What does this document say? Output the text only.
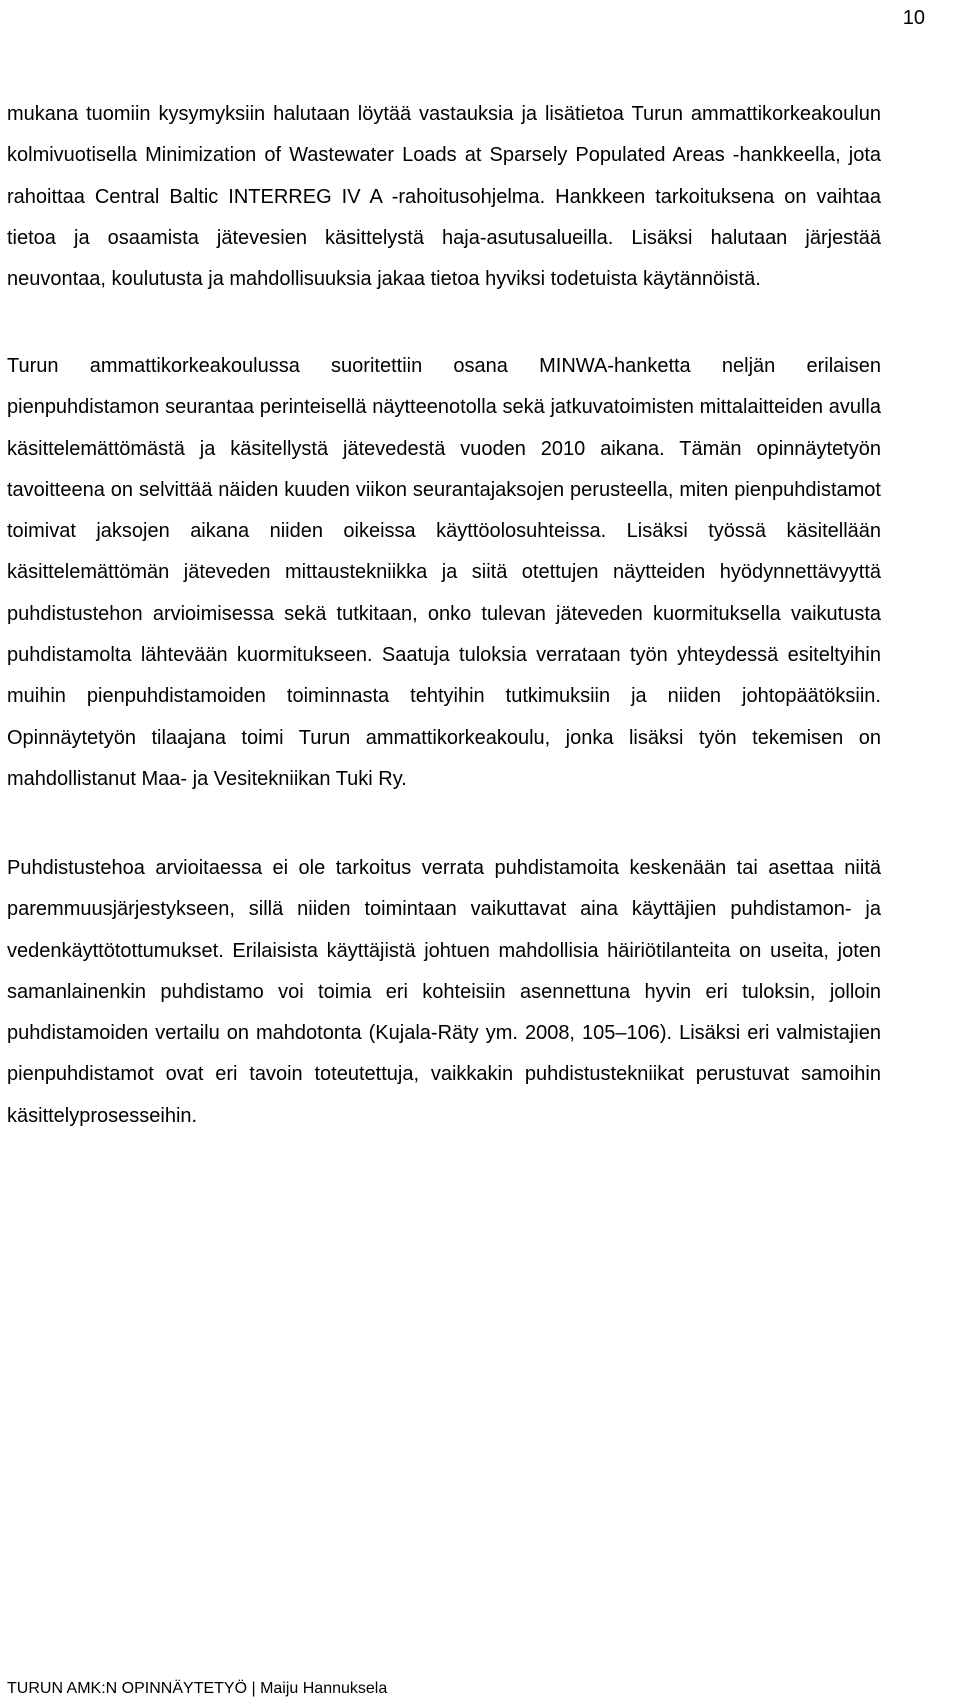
10

mukana tuomiin kysymyksiin halutaan löytää vastauksia ja lisätietoa Turun ammattikorkeakoulun kolmivuotisella Minimization of Wastewater Loads at Sparsely Populated Areas -hankkeella, jota rahoittaa Central Baltic INTERREG IV A -rahoitusohjelma. Hankkeen tarkoituksena on vaihtaa tietoa ja osaamista jätevesien käsittelystä haja-asutusalueilla. Lisäksi halutaan järjestää neuvontaa, koulutusta ja mahdollisuuksia jakaa tietoa hyviksi todetuista käytännöistä.

Turun ammattikorkeakoulussa suoritettiin osana MINWA-hanketta neljän erilaisen pienpuhdistamon seurantaa perinteisellä näytteenotolla sekä jatkuvatoimisten mittalaitteiden avulla käsittelemättömästä ja käsitellystä jätevedestä vuoden 2010 aikana. Tämän opinnäytetyön tavoitteena on selvittää näiden kuuden viikon seurantajaksojen perusteella, miten pienpuhdistamot toimivat jaksojen aikana niiden oikeissa käyttöolosuhteissa. Lisäksi työssä käsitellään käsittelemättömän jäteveden mittaustekniikka ja siitä otettujen näytteiden hyödynnettävyyttä puhdistustehon arvioimisessa sekä tutkitaan, onko tulevan jäteveden kuormituksella vaikutusta puhdistamolta lähtevään kuormitukseen. Saatuja tuloksia verrataan työn yhteydessä esiteltyihin muihin pienpuhdistamoiden toiminnasta tehtyihin tutkimuksiin ja niiden johtopäätöksiin. Opinnäytetyön tilaajana toimi Turun ammattikorkeakoulu, jonka lisäksi työn tekemisen on mahdollistanut Maa- ja Vesitekniikan Tuki Ry.

Puhdistustehoa arvioitaessa ei ole tarkoitus verrata puhdistamoita keskenään tai asettaa niitä paremmuusjärjestykseen, sillä niiden toimintaan vaikuttavat aina käyttäjien puhdistamon- ja vedenkäyttötottumukset. Erilaisista käyttäjistä johtuen mahdollisia häiriötilanteita on useita, joten samanlainenkin puhdistamo voi toimia eri kohteisiin asennettuna hyvin eri tuloksin, jolloin puhdistamoiden vertailu on mahdotonta (Kujala-Räty ym. 2008, 105–106). Lisäksi eri valmistajien pienpuhdistamot ovat eri tavoin toteutettuja, vaikkakin puhdistustekniikat perustuvat samoihin käsittelyprosesseihin.

TURUN AMK:N OPINNÄYTETYÖ | Maiju Hannuksela
